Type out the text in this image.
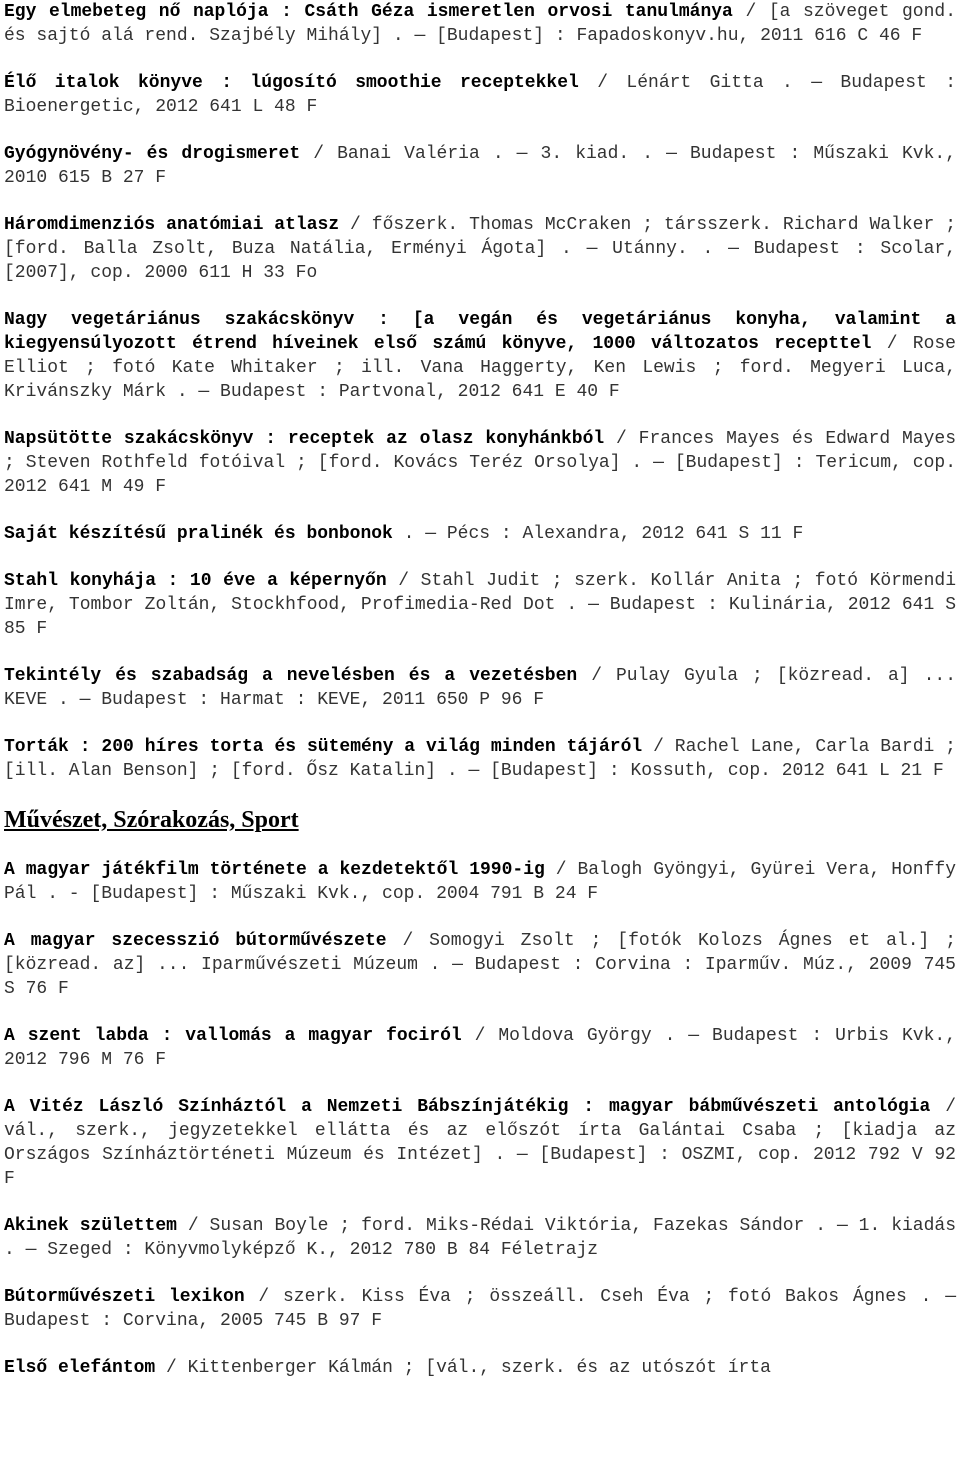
Egy elmebeteg nő naplója : Csáth Géza ismeretlen orvosi tanulmánya / [a szöveget gond. és sajtó alá rend. Szajbély Mihály] . — [Budapest] : Fapadoskonyv.hu, 2011 616 C 46 F

Élő italok könyve : lúgosító smoothie receptekkel / Lénárt Gitta . — Budapest : Bioenergetic, 2012 641 L 48 F

Gyógynövény- és drogismeret / Banai Valéria . — 3. kiad. . — Budapest : Műszaki Kvk., 2010 615 B 27 F

Háromdimenziós anatómiai atlasz / főszerk. Thomas McCraken ; társszerk. Richard Walker ; [ford. Balla Zsolt, Buza Natália, Erményi Ágota] . — Utánny. . — Budapest : Scolar, [2007], cop. 2000 611 H 33 Fo

Nagy vegetáriánus szakácskönyv : [a vegán és vegetáriánus konyha, valamint a kiegyensúlyozott étrend híveinek első számú könyve, 1000 változatos recepttel / Rose Elliot ; fotó Kate Whitaker ; ill. Vana Haggerty, Ken Lewis ; ford. Megyeri Luca, Krivánszky Márk . — Budapest : Partvonal, 2012 641 E 40 F

Napsütötte szakácskönyv : receptek az olasz konyhánkból / Frances Mayes és Edward Mayes ; Steven Rothfeld fotóival ; [ford. Kovács Teréz Orsolya] . — [Budapest] : Tericum, cop. 2012 641 M 49 F

Saját készítésű pralinék és bonbonok . — Pécs : Alexandra, 2012 641 S 11 F

Stahl konyhája : 10 éve a képernyőn / Stahl Judit ; szerk. Kollár Anita ; fotó Körmendi Imre, Tombor Zoltán, Stockhfood, Profimedia-Red Dot . — Budapest : Kulinária, 2012 641 S 85 F

Tekintély és szabadság a nevelésben és a vezetésben / Pulay Gyula ; [közread. a] ... KEVE . — Budapest : Harmat : KEVE, 2011 650 P 96 F

Torták : 200 híres torta és sütemény a világ minden tájáról / Rachel Lane, Carla Bardi ; [ill. Alan Benson] ; [ford. Ősz Katalin] . — [Budapest] : Kossuth, cop. 2012 641 L 21 F

Művészet, Szórakozás, Sport

A magyar játékfilm története a kezdetektől 1990-ig / Balogh Gyöngyi, Gyürei Vera, Honffy Pál . - [Budapest] : Műszaki Kvk., cop. 2004 791 B 24 F

A magyar szecesszió bútorművészete / Somogyi Zsolt ; [fotók Kolozs Ágnes et al.] ; [közread. az] ... Iparművészeti Múzeum . — Budapest : Corvina : Iparműv. Múz., 2009 745 S 76 F

A szent labda : vallomás a magyar fociról / Moldova György . — Budapest : Urbis Kvk., 2012 796 M 76 F

A Vitéz László Színháztól a Nemzeti Bábszínjátékig : magyar bábművészeti antológia / vál., szerk., jegyzetekkel ellátta és az előszót írta Galántai Csaba ; [kiadja az Országos Színháztörténeti Múzeum és Intézet] . — [Budapest] : OSZMI, cop. 2012 792 V 92 F

Akinek születtem / Susan Boyle ; ford. Miks-Rédai Viktória, Fazekas Sándor . — 1. kiadás . — Szeged : Könyvmolyképző K., 2012 780 B 84 Féletrajz

Bútorművészeti lexikon / szerk. Kiss Éva ; összeáll. Cseh Éva ; fotó Bakos Ágnes . — Budapest : Corvina, 2005 745 B 97 F

Első elefántom / Kittenberger Kálmán ; [vál., szerk. és az utószót írta
